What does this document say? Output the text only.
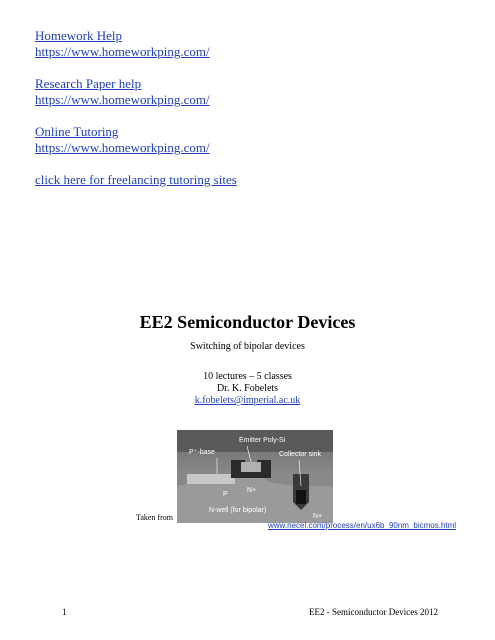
Homework Help
https://www.homeworkping.com/
Research Paper help
https://www.homeworkping.com/
Online Tutoring
https://www.homeworkping.com/
click here for freelancing tutoring sites
EE2 Semiconductor Devices
Switching of bipolar devices
10 lectures – 5 classes
Dr. K. Fobelets
k.fobelets@imperial.ac.uk
Emitter Poly-Si
P⁺-base	Collector sink
N+
P
N-well (for bipolar)
N+
Taken from
www.necel.com/process/en/ux6b_90nm_bicmos.html
1	EE2 - Semiconductor Devices 2012
